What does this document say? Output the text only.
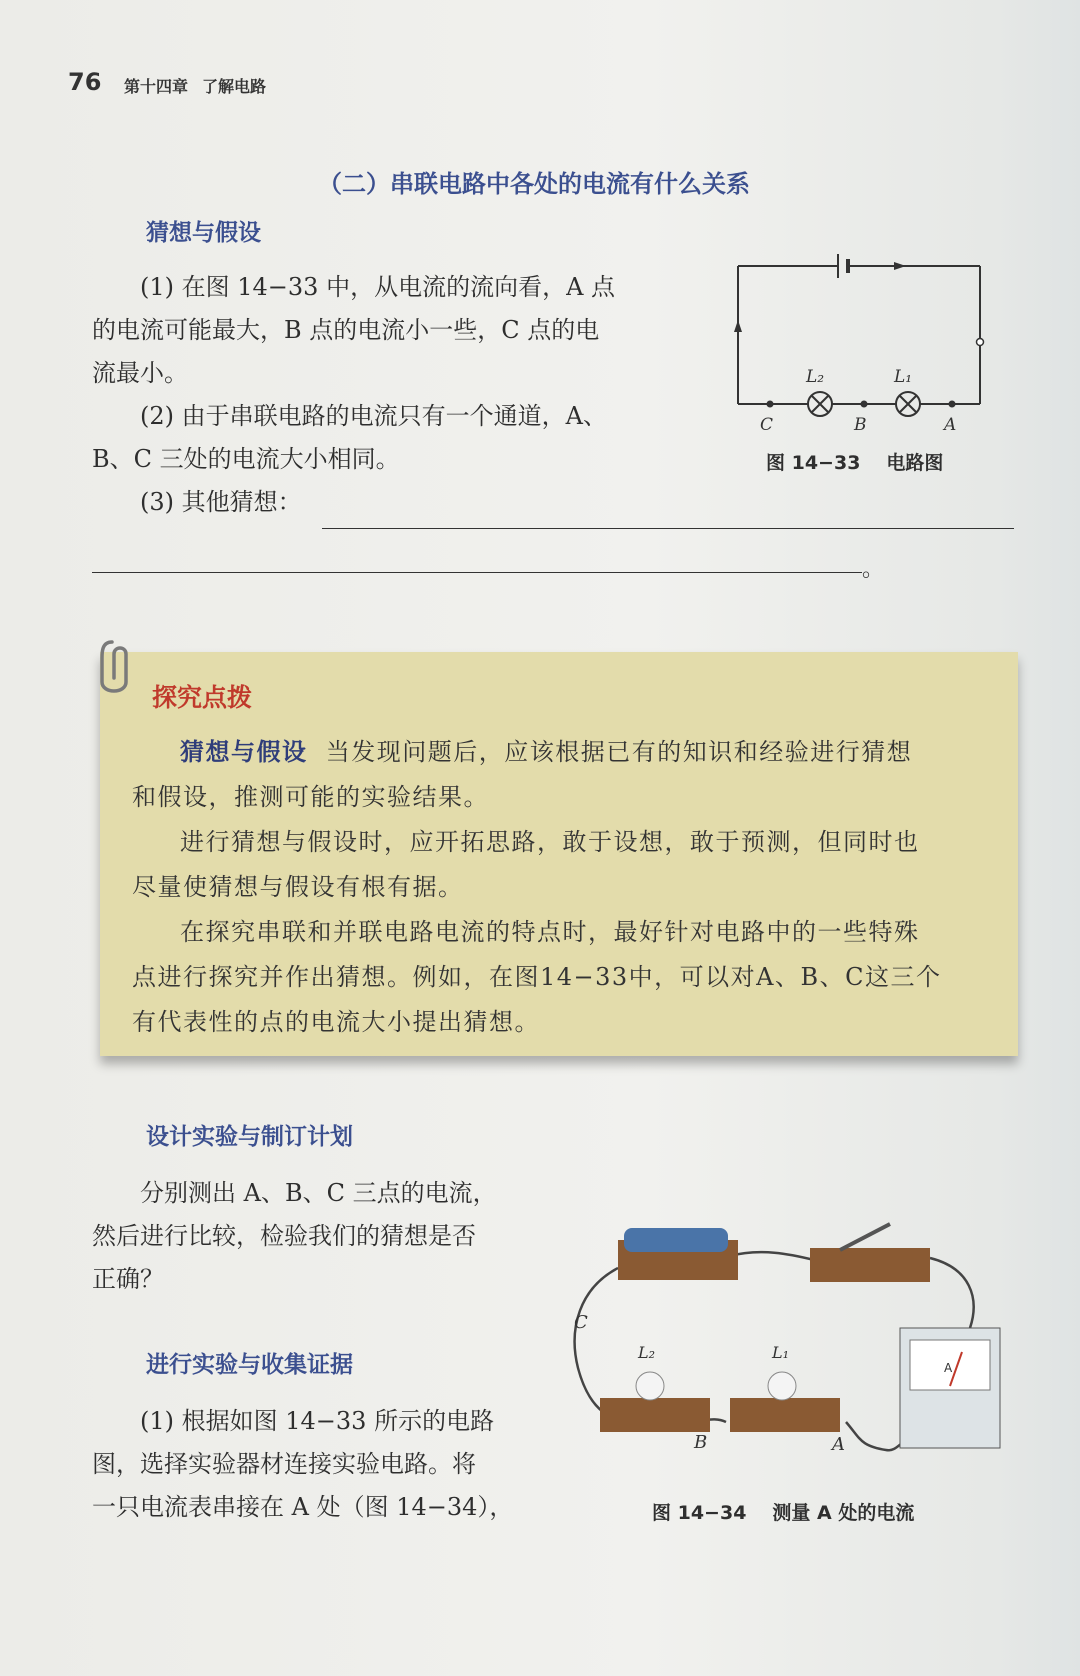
76 第十四章 了解电路
（二）串联电路中各处的电流有什么关系
猜想与假设
(1) 在图 14−33 中，从电流的流向看，A 点
的电流可能最大，B 点的电流小一些，C 点的电
流最小。
(2) 由于串联电路的电流只有一个通道，A、
B、C 三处的电流大小相同。
(3) 其他猜想：
。
L₂	L₁
C	B	A
图 14−33 电路图
探究点拨

猜想与假设 当发现问题后，应该根据已有的知识和经验进行猜想

和假设，推测可能的实验结果。

进行猜想与假设时，应开拓思路，敢于设想，敢于预测，但同时也

尽量使猜想与假设有根有据。

在探究串联和并联电路电流的特点时，最好针对电路中的一些特殊

点进行探究并作出猜想。例如，在图14−33中，可以对A、B、C这三个

有代表性的点的电流大小提出猜想。

设计实验与制订计划
分别测出 A、B、C 三点的电流，
然后进行比较，检验我们的猜想是否
正确？
进行实验与收集证据
(1) 根据如图 14−33 所示的电路
图，选择实验器材连接实验电路。将
一只电流表串接在 A 处（图 14−34），
A
C
B	A
L₂	L₁
图 14−34 测量 A 处的电流
